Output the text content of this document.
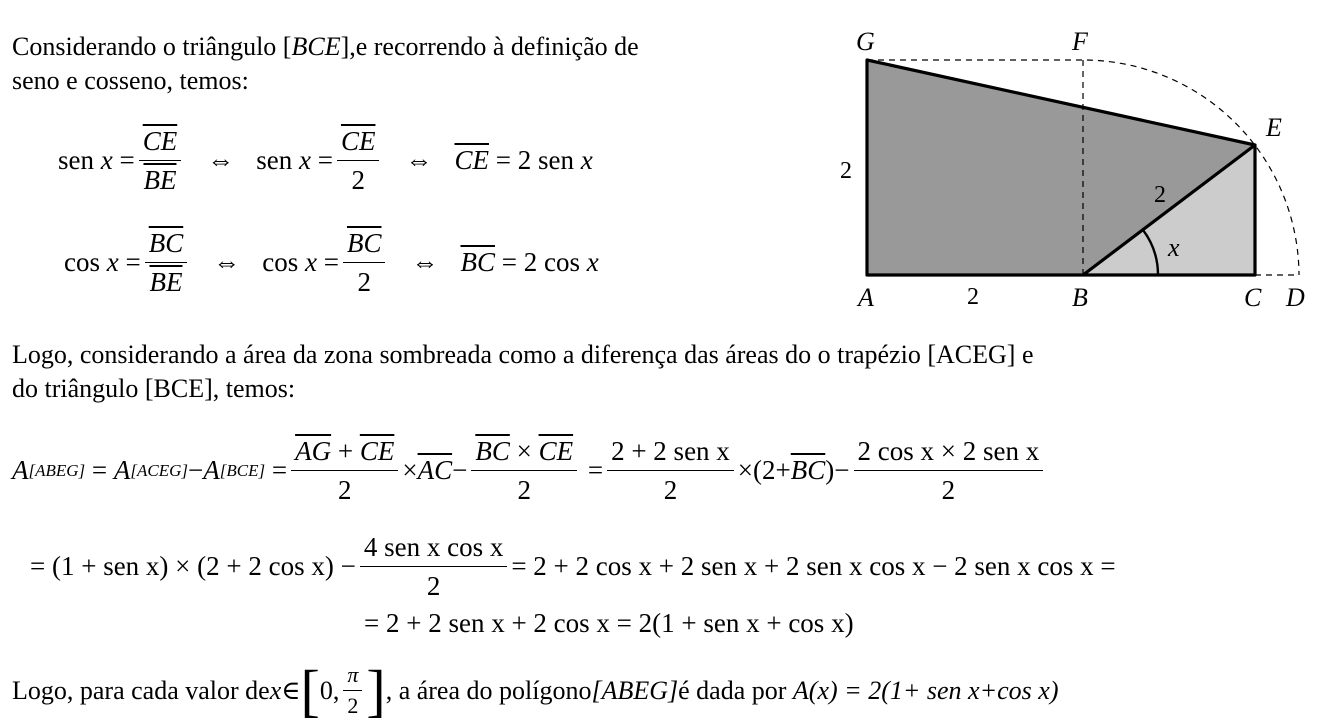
Considerando o triângulo [BCE],e recorrendo à definição de
seno e cosseno, temos:
sen
x
= $\frac{\overline{CE}}{BE}$ ⇔ sen
x
= $\frac{\overline{CE}}{2}$ ⇔ $\overline{CE}$
= 2 sen
x
cos
x
= $\frac{\overline{BC}}{BE}$ ⇔ cos
x
= $\frac{\overline{BC}}{2}$ ⇔ $\overline{BC}$
= 2 cos
x
G	F
E
A	B	C D
x
2
2
2
Logo, considerando a área da zona sombreada como a diferença das áreas do o trapézio [ACEG] e
do triângulo [BCE], temos:
A [ABEG]
=
A [ACEG] − A [BCE]
= $\frac{\overline{AG} + \overline{CE}}{2} \times \overline{AC} - \frac{\overline{BC} \times \overline{CE}}{2}$
= $\frac{\text{2 + 2 sen x}}{2} \times (2+ \overline{BC}$ ) − $\frac{\text{2 cos x × 2 sen x}}{2}$
= (1 + sen x) × (2 + 2 $\cos x) - \frac{\text{4 sen x cos x}}{2} = 2 + 2$ cos x + 2 sen x + 2 sen x cos x − 2 sen x cos x =
= 2 + 2 sen x + 2 cos x = 2(1 + sen x + cos x)
Logo, para cada valor de x ∈ [ 0, $\frac{\pi}{2}$ ] , a área do polígono [ABEG] é dada por
A(x) = 2(1+ sen x+cos x)
